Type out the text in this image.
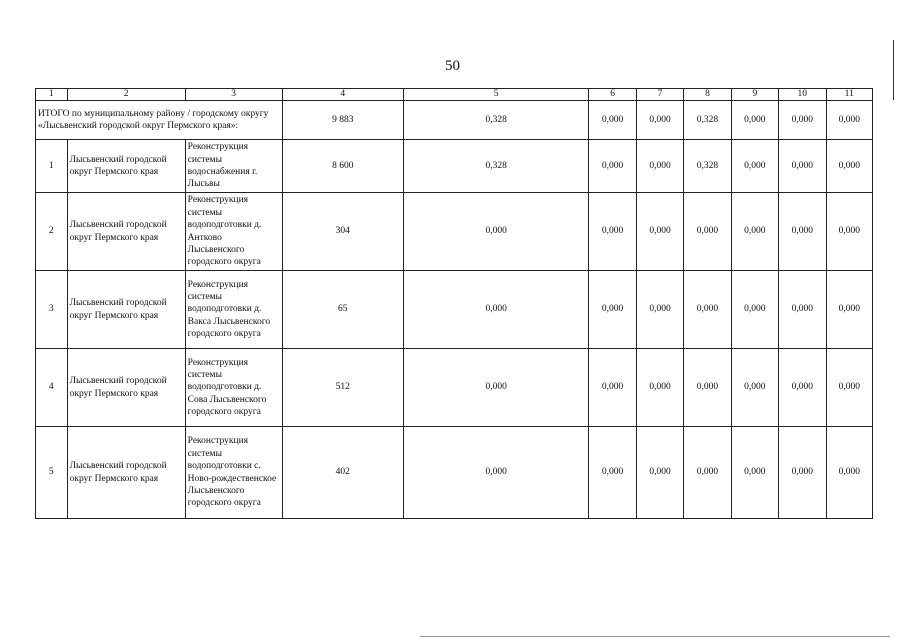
50
1	2	3	4	5	6	7	8	9	10	11
ИТОГО по муниципальному району / городскому округу «Лысьвенский городской округ Пермского края»:			9 883	0,328	0,000	0,000	0,328	0,000	0,000	0,000
1	Лысьвенский городской округ Пермского края	Реконструкция системы водоснабжения г. Лысьвы	8 600	0,328	0,000	0,000	0,328	0,000	0,000	0,000
2	Лысьвенский городской округ Пермского края	Реконструкция системы водоподготовки д. Антково Лысьвенского городского округа	304	0,000	0,000	0,000	0,000	0,000	0,000	0,000
3	Лысьвенский городской округ Пермского края	Реконструкция системы водоподготовки д. Вакса Лысьвенского городского округа	65	0,000	0,000	0,000	0,000	0,000	0,000	0,000
4	Лысьвенский городской округ Пермского края	Реконструкция системы водоподготовки д. Сова Лысьвенского городского округа	512	0,000	0,000	0,000	0,000	0,000	0,000	0,000
5	Лысьвенский городской округ Пермского края	Реконструкция системы водоподготовки с. Ново-рождественское Лысьвенского городского округа	402	0,000	0,000	0,000	0,000	0,000	0,000	0,000
